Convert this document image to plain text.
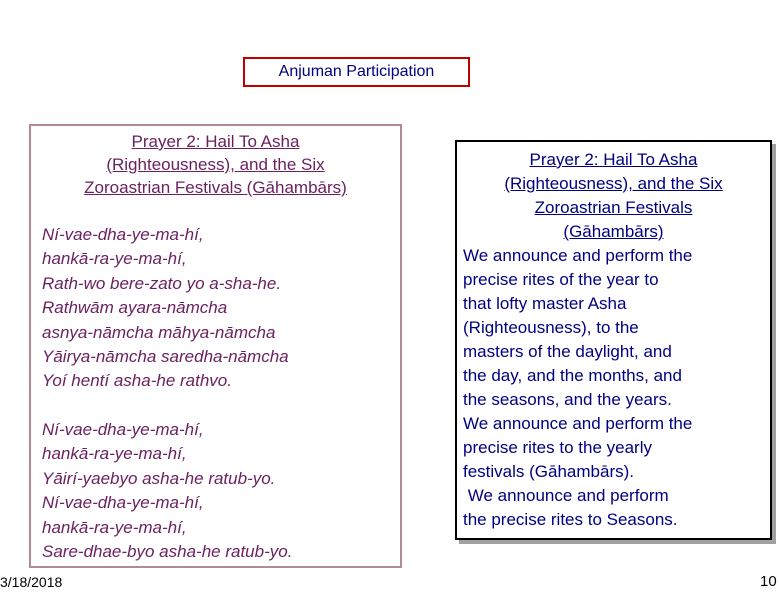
Anjuman Participation
Prayer 2: Hail To Asha
(Righteousness), and the Six
Zoroastrian Festivals (Gāhambārs)
Ní-vae-dha-ye-ma-hí,
hankā-ra-ye-ma-hí,
Rath-wo bere-zato yo a-sha-he.
Rathwām ayara-nāmcha
asnya-nāmcha māhya-nāmcha
Yāirya-nāmcha saredha-nāmcha
Yoí hentí asha-he rathvo.
Ní-vae-dha-ye-ma-hí,
hankā-ra-ye-ma-hí,
Yāirí-yaebyo asha-he ratub-yo.
Ní-vae-dha-ye-ma-hí,
hankā-ra-ye-ma-hí,
Sare-dhae-byo asha-he ratub-yo.
Prayer 2: Hail To Asha
(Righteousness), and the Six
Zoroastrian Festivals
(Gāhambārs)
We announce and perform the
precise rites of the year to
that lofty master Asha
(Righteousness), to the
masters of the daylight, and
the day, and the months, and
the seasons, and the years.
We announce and perform the
precise rites to the yearly
festivals (Gāhambārs).
We announce and perform
the precise rites to Seasons.
3/18/2018	10
